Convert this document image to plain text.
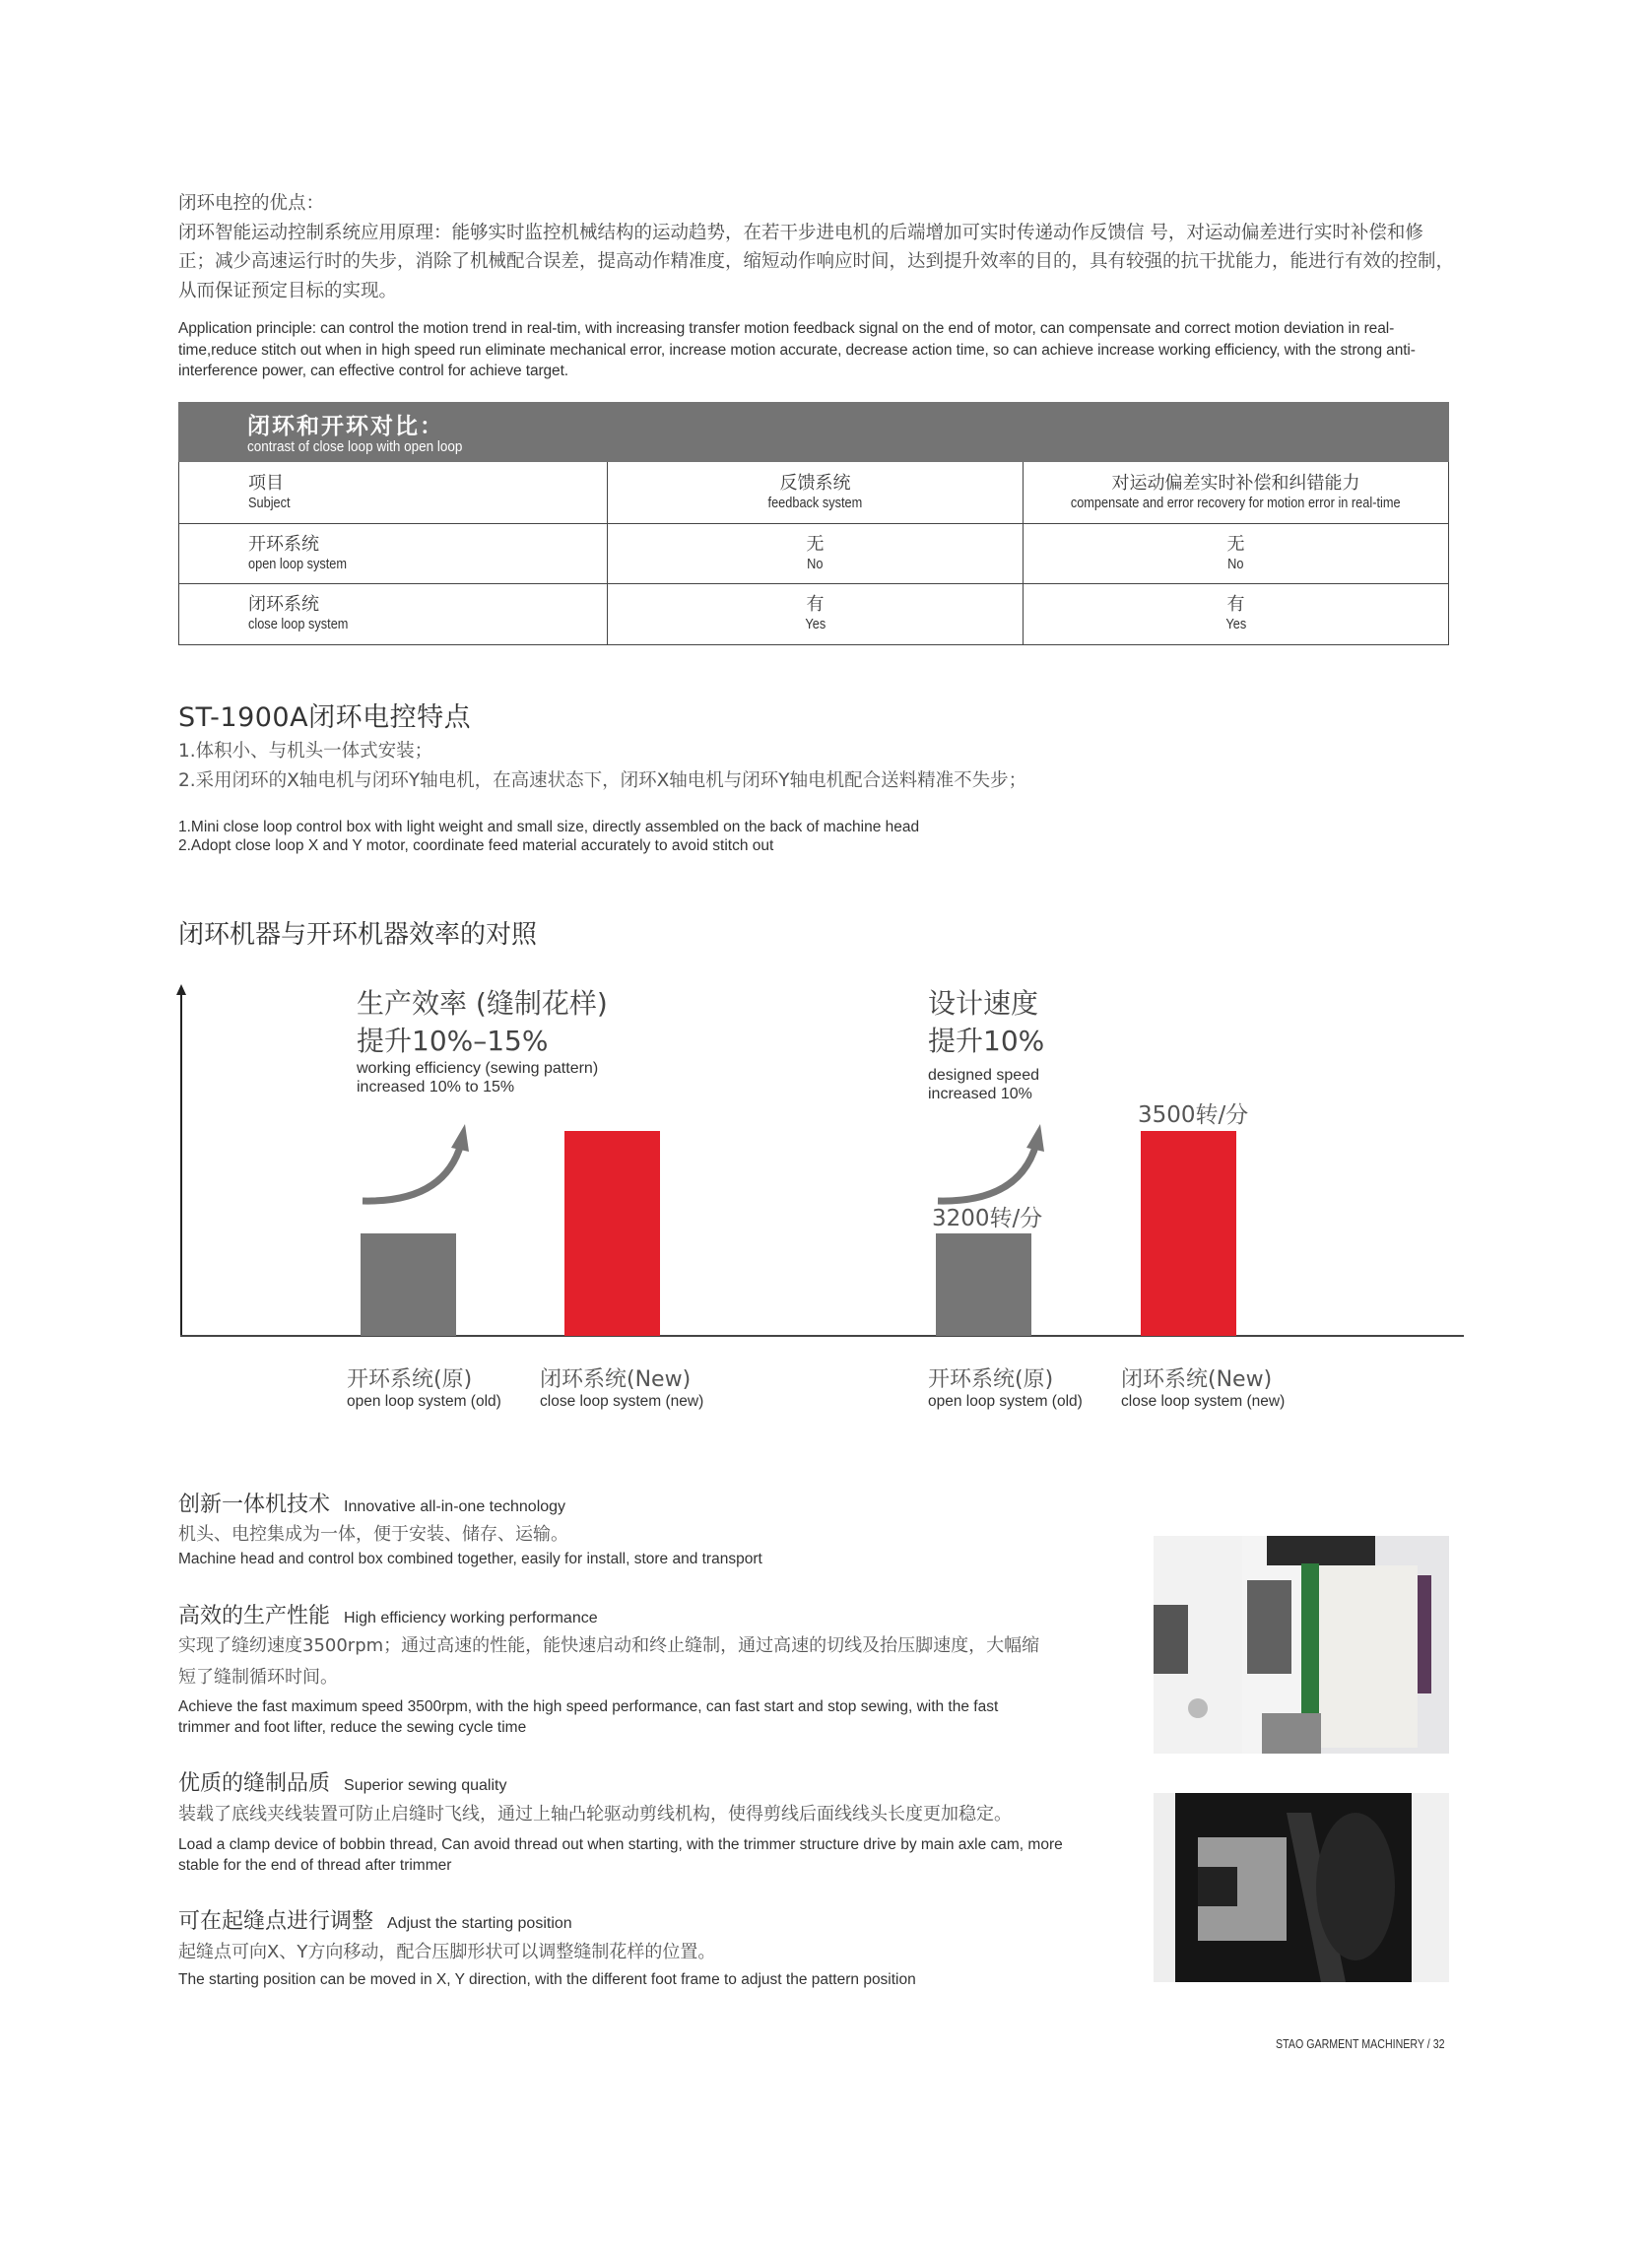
闭环电控的优点：

闭环智能运动控制系统应用原理：能够实时监控机械结构的运动趋势，在若干步进电机的后端增加可实时传递动作反馈信 号，对运动偏差进行实时补偿和修正；减少高速运行时的失步，消除了机械配合误差，提高动作精准度，缩短动作响应时间，达到提升效率的目的，具有较强的抗干扰能力，能进行有效的控制，从而保证预定目标的实现。

Application principle: can control the motion trend in real-tim, with increasing transfer motion feedback signal on the end of motor, can compensate and correct motion deviation in real-time,reduce stitch out when in high speed run eliminate mechanical error, increase motion accurate, decrease action time, so can achieve increase working efficiency, with the strong anti-interference power, can effective control for achieve target.
闭环和开环对比：
contrast of close loop with open loop
项目
Subject
反馈系统
feedback system
对运动偏差实时补偿和纠错能力
compensate and error recovery for motion error in real-time
开环系统
open loop system
无
No
无
No
闭环系统
close loop system
有
Yes
有
Yes
ST-1900A闭环电控特点
1.体积小、与机头一体式安装；
2.采用闭环的X轴电机与闭环Y轴电机，在高速状态下，闭环X轴电机与闭环Y轴电机配合送料精准不失步；
1.Mini close loop control box with light weight and small size, directly assembled on the back of machine head
2.Adopt close loop X and Y motor, coordinate feed material accurately to avoid stitch out
闭环机器与开环机器效率的对照
生产效率 (缝制花样)
提升10%–15%
working efficiency (sewing pattern)
increased 10% to 15%
设计速度
提升10%
designed speed
increased 10%
3200转/分
3500转/分
开环系统(原)
open loop system (old)
闭环系统(New)
close loop system (new)
开环系统(原)
open loop system (old)
闭环系统(New)
close loop system (new)
创新一体机技术 Innovative all-in-one technology
机头、电控集成为一体，便于安装、储存、运输。
Machine head and control box combined together, easily for install, store and transport
高效的生产性能 High efficiency working performance
实现了缝纫速度3500rpm；通过高速的性能，能快速启动和终止缝制，通过高速的切线及抬压脚速度，大幅缩短了缝制循环时间。
Achieve the fast maximum speed 3500rpm, with the high speed performance, can fast start and stop sewing, with the fast trimmer and foot lifter, reduce the sewing cycle time
优质的缝制品质 Superior sewing quality
装载了底线夹线装置可防止启缝时飞线，通过上轴凸轮驱动剪线机构，使得剪线后面线线头长度更加稳定。
Load a clamp device of bobbin thread, Can avoid thread out when starting, with the trimmer structure drive by main axle cam, more stable for the end of thread after trimmer
可在起缝点进行调整 Adjust the starting position
起缝点可向X、Y方向移动，配合压脚形状可以调整缝制花样的位置。
The starting position can be moved in X, Y direction, with the different foot frame to adjust the pattern position
STAO GARMENT MACHINERY / 32
